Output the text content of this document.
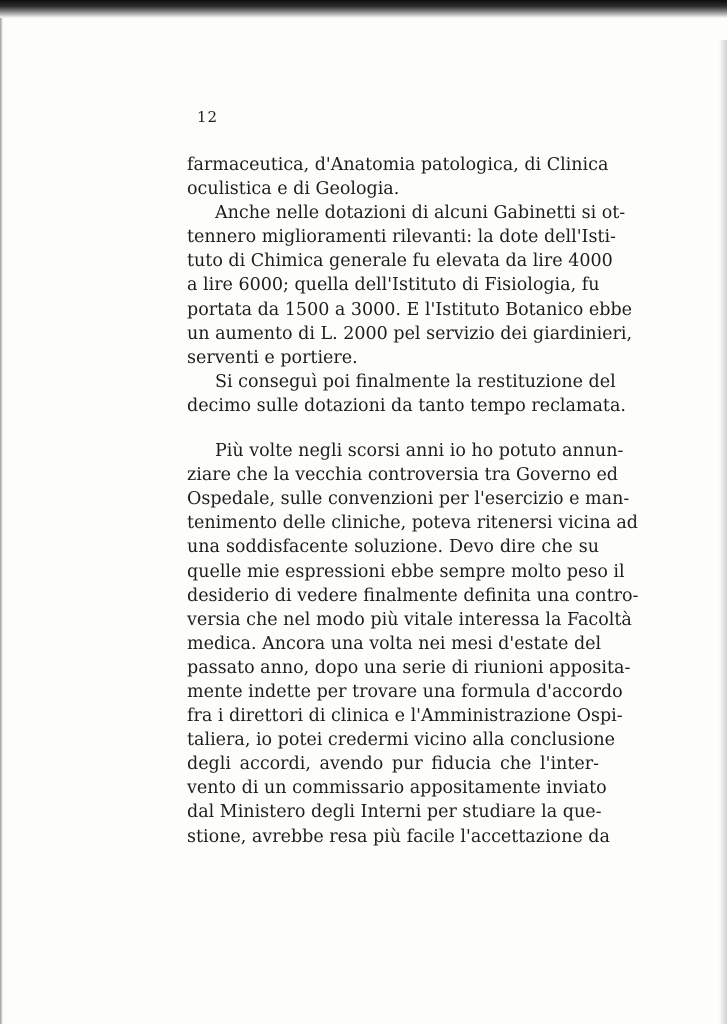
12
farmaceutica, d'Anatomia patologica, di Clinica
oculistica e di Geologia.
Anche nelle dotazioni di alcuni Gabinetti si ot-
tennero miglioramenti rilevanti: la dote dell'Isti-
tuto di Chimica generale fu elevata da lire 4000
a lire 6000; quella dell'Istituto di Fisiologia, fu
portata da 1500 a 3000. E l'Istituto Botanico ebbe
un aumento di L. 2000 pel servizio dei giardinieri,
serventi e portiere.
Si conseguì poi finalmente la restituzione del
decimo sulle dotazioni da tanto tempo reclamata.
Più volte negli scorsi anni io ho potuto annun-
ziare che la vecchia controversia tra Governo ed
Ospedale, sulle convenzioni per l'esercizio e man-
tenimento delle cliniche, poteva ritenersi vicina ad
una soddisfacente soluzione. Devo dire che su
quelle mie espressioni ebbe sempre molto peso il
desiderio di vedere finalmente definita una contro-
versia che nel modo più vitale interessa la Facoltà
medica. Ancora una volta nei mesi d'estate del
passato anno, dopo una serie di riunioni apposita-
mente indette per trovare una formula d'accordo
fra i direttori di clinica e l'Amministrazione Ospi-
taliera, io potei credermi vicino alla conclusione
degli accordi, avendo pur fiducia che l'inter-
vento di un commissario appositamente inviato
dal Ministero degli Interni per studiare la que-
stione, avrebbe resa più facile l'accettazione da
